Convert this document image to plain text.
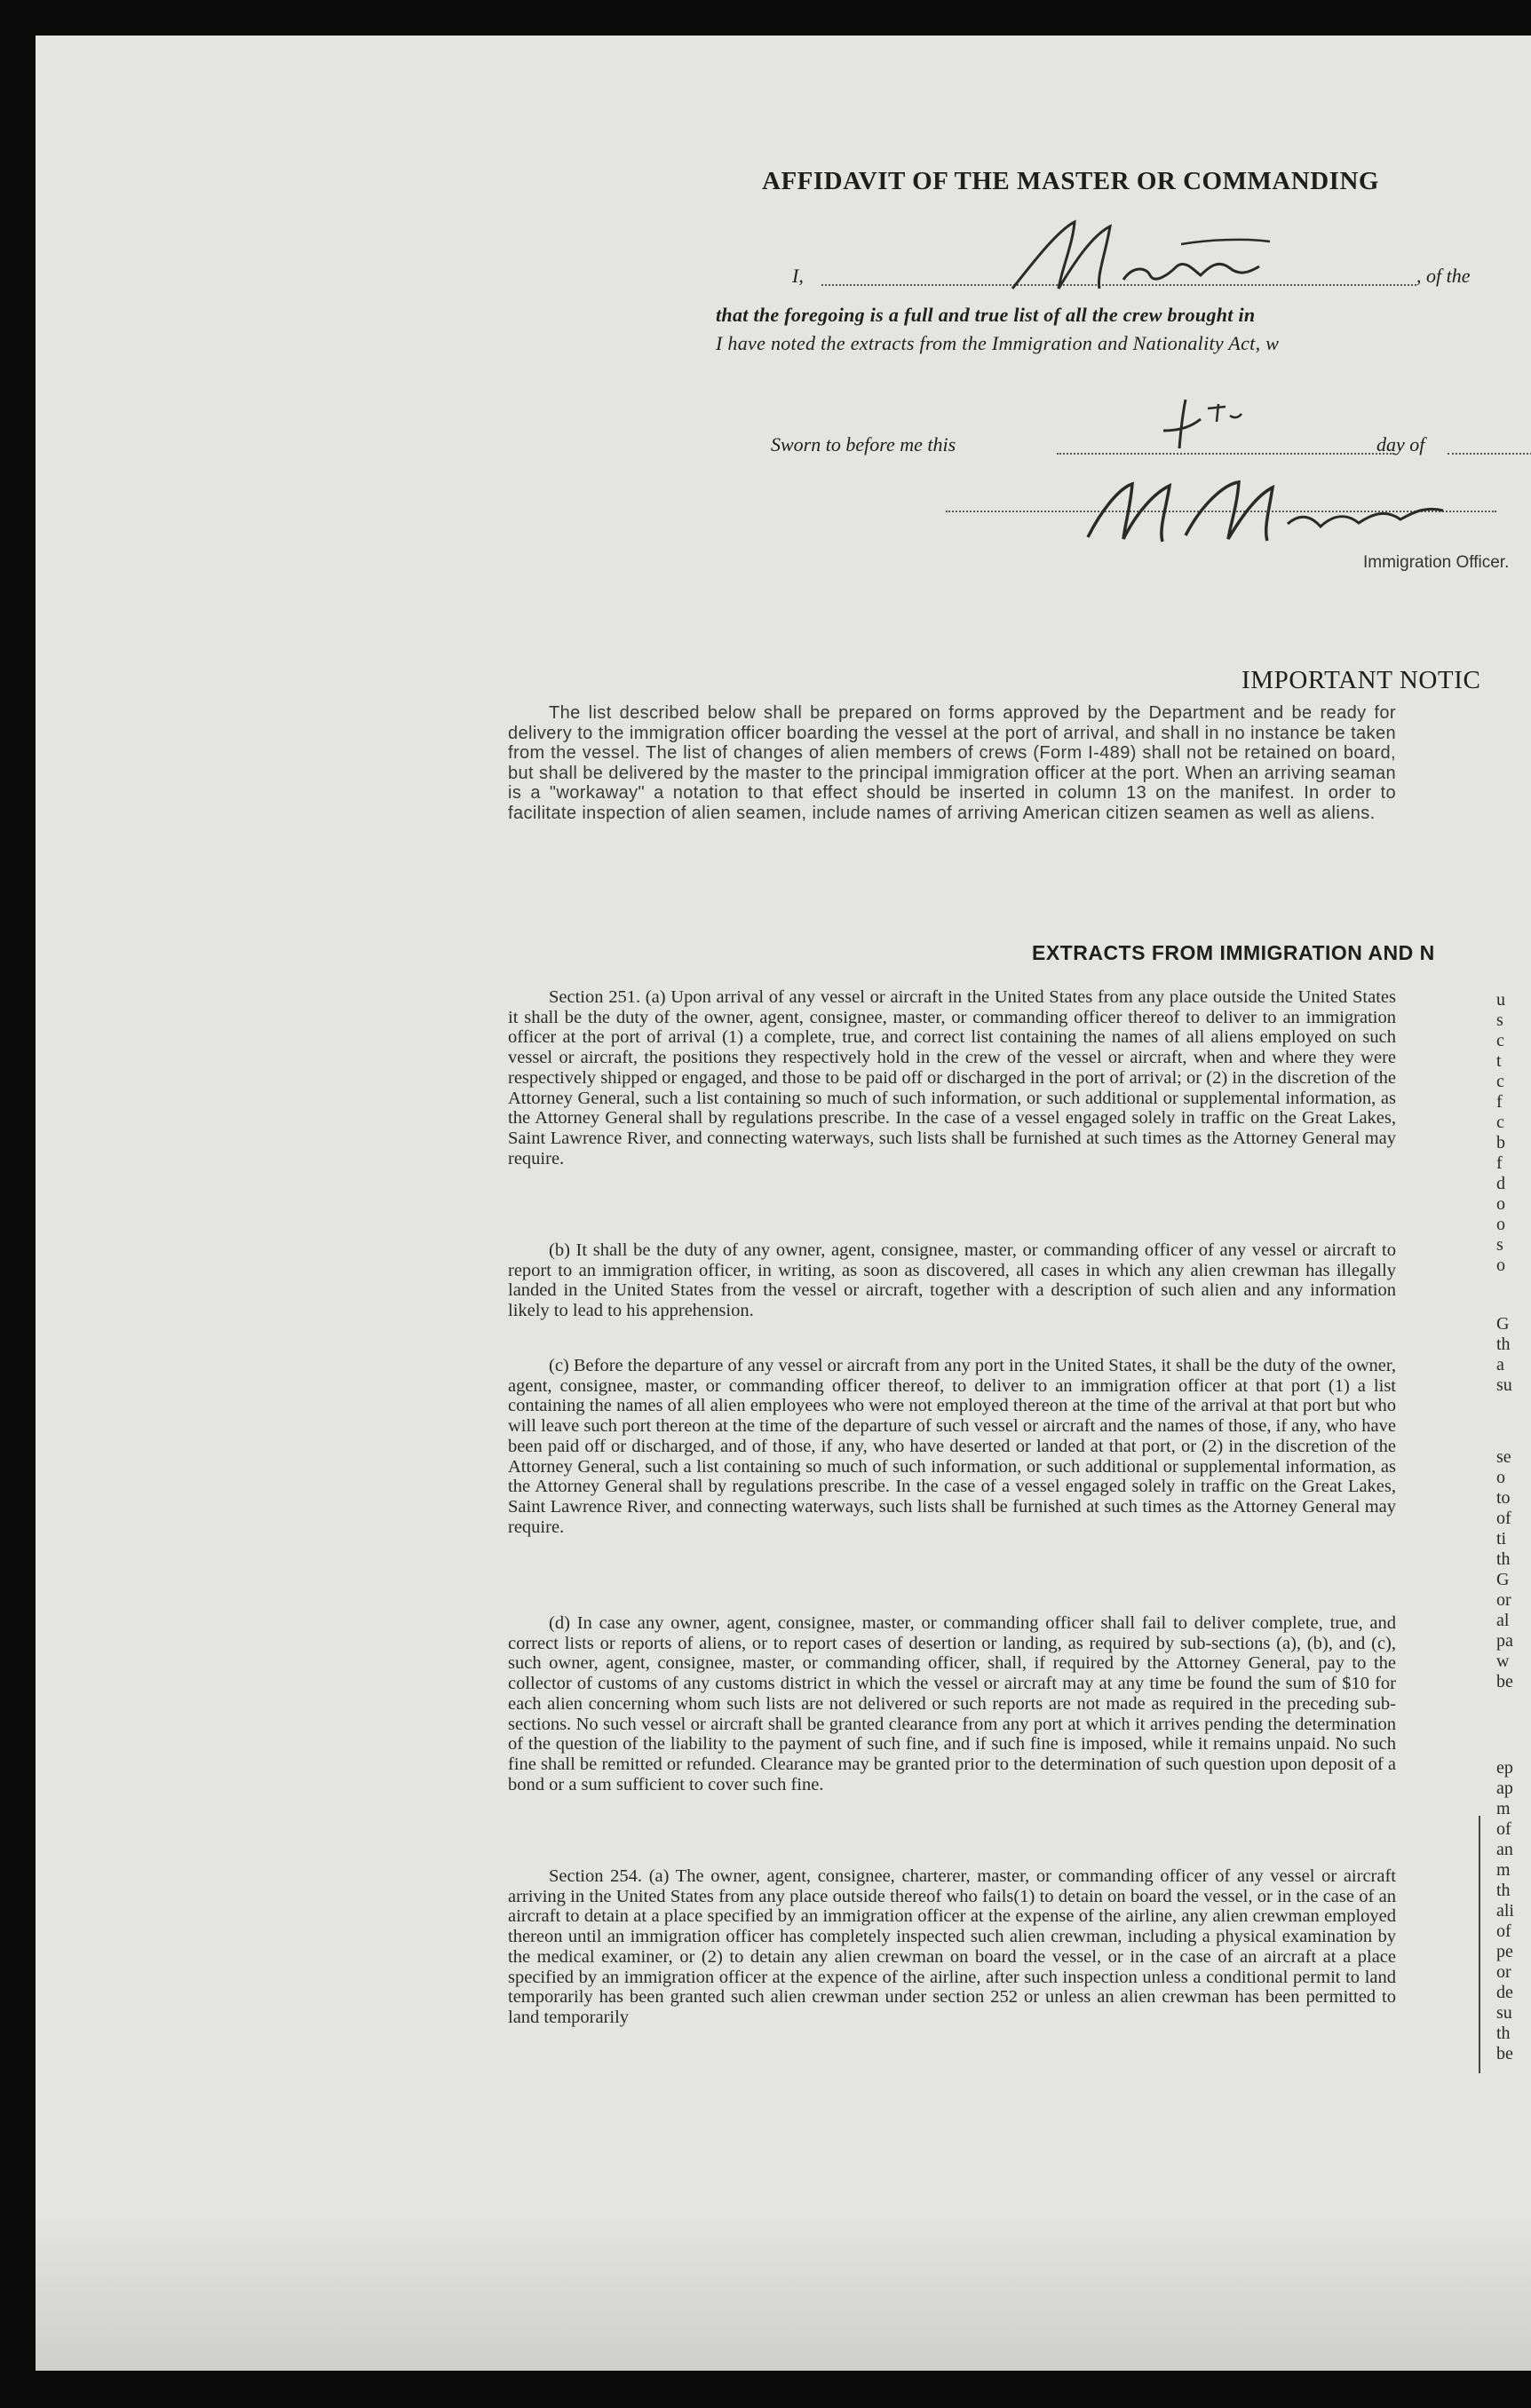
AFFIDAVIT OF THE MASTER OR COMMANDING
I,	, of the
that the foregoing is a full and true list of all the crew brought in
I have noted the extracts from the Immigration and Nationality Act, w
Sworn to before me this	day of
Immigration Officer.
IMPORTANT NOTIC
The list described below shall be prepared on forms approved by the Department and be ready for delivery to the immigration officer boarding the vessel at the port of arrival, and shall in no instance be taken from the vessel. The list of changes of alien members of crews (Form I-489) shall not be retained on board, but shall be delivered by the master to the principal immigration officer at the port. When an arriving seaman is a "workaway" a notation to that effect should be inserted in column 13 on the manifest. In order to facilitate inspection of alien seamen, include names of arriving American citizen seamen as well as aliens.
EXTRACTS FROM IMMIGRATION AND N
Section 251. (a) Upon arrival of any vessel or aircraft in the United States from any place outside the United States it shall be the duty of the owner, agent, consignee, master, or commanding officer thereof to deliver to an immigration officer at the port of arrival (1) a complete, true, and correct list containing the names of all aliens employed on such vessel or aircraft, the positions they respectively hold in the crew of the vessel or aircraft, when and where they were respectively shipped or engaged, and those to be paid off or discharged in the port of arrival; or (2) in the discretion of the Attorney General, such a list containing so much of such information, or such additional or supplemental information, as the Attorney General shall by regulations prescribe. In the case of a vessel engaged solely in traffic on the Great Lakes, Saint Lawrence River, and connecting waterways, such lists shall be furnished at such times as the Attorney General may require.
(b) It shall be the duty of any owner, agent, consignee, master, or commanding officer of any vessel or aircraft to report to an immigration officer, in writing, as soon as discovered, all cases in which any alien crewman has illegally landed in the United States from the vessel or aircraft, together with a description of such alien and any information likely to lead to his apprehension.
(c) Before the departure of any vessel or aircraft from any port in the United States, it shall be the duty of the owner, agent, consignee, master, or commanding officer thereof, to deliver to an immigration officer at that port (1) a list containing the names of all alien employees who were not employed thereon at the time of the arrival at that port but who will leave such port thereon at the time of the departure of such vessel or aircraft and the names of those, if any, who have been paid off or discharged, and of those, if any, who have deserted or landed at that port, or (2) in the discretion of the Attorney General, such a list containing so much of such information, or such additional or supplemental information, as the Attorney General shall by regulations prescribe. In the case of a vessel engaged solely in traffic on the Great Lakes, Saint Lawrence River, and connecting waterways, such lists shall be furnished at such times as the Attorney General may require.
(d) In case any owner, agent, consignee, master, or commanding officer shall fail to deliver complete, true, and correct lists or reports of aliens, or to report cases of desertion or landing, as required by sub-sections (a), (b), and (c), such owner, agent, consignee, master, or commanding officer, shall, if required by the Attorney General, pay to the collector of customs of any customs district in which the vessel or aircraft may at any time be found the sum of $10 for each alien concerning whom such lists are not delivered or such reports are not made as required in the preceding sub-sections. No such vessel or aircraft shall be granted clearance from any port at which it arrives pending the determination of the question of the liability to the payment of such fine, and if such fine is imposed, while it remains unpaid. No such fine shall be remitted or refunded. Clearance may be granted prior to the determination of such question upon deposit of a bond or a sum sufficient to cover such fine.
Section 254. (a) The owner, agent, consignee, charterer, master, or commanding officer of any vessel or aircraft arriving in the United States from any place outside thereof who fails(1) to detain on board the vessel, or in the case of an aircraft to detain at a place specified by an immigration officer at the expense of the airline, any alien crewman employed thereon until an immigration officer has completely inspected such alien crewman, including a physical examination by the medical examiner, or (2) to detain any alien crewman on board the vessel, or in the case of an aircraft at a place specified by an immigration officer at the expence of the airline, after such inspection unless a conditional permit to land temporarily has been granted such alien crewman under section 252 or unless an alien crewman has been permitted to land temporarily
u
s
c
t
c
f
c
b
f
d
o
o
s
o
G
th
a
su
se
o
to
of
ti
th
G
or
al
pa
w
be
ep
ap
m
of
an
m
th
ali
of
pe
or
de
su
th
be
